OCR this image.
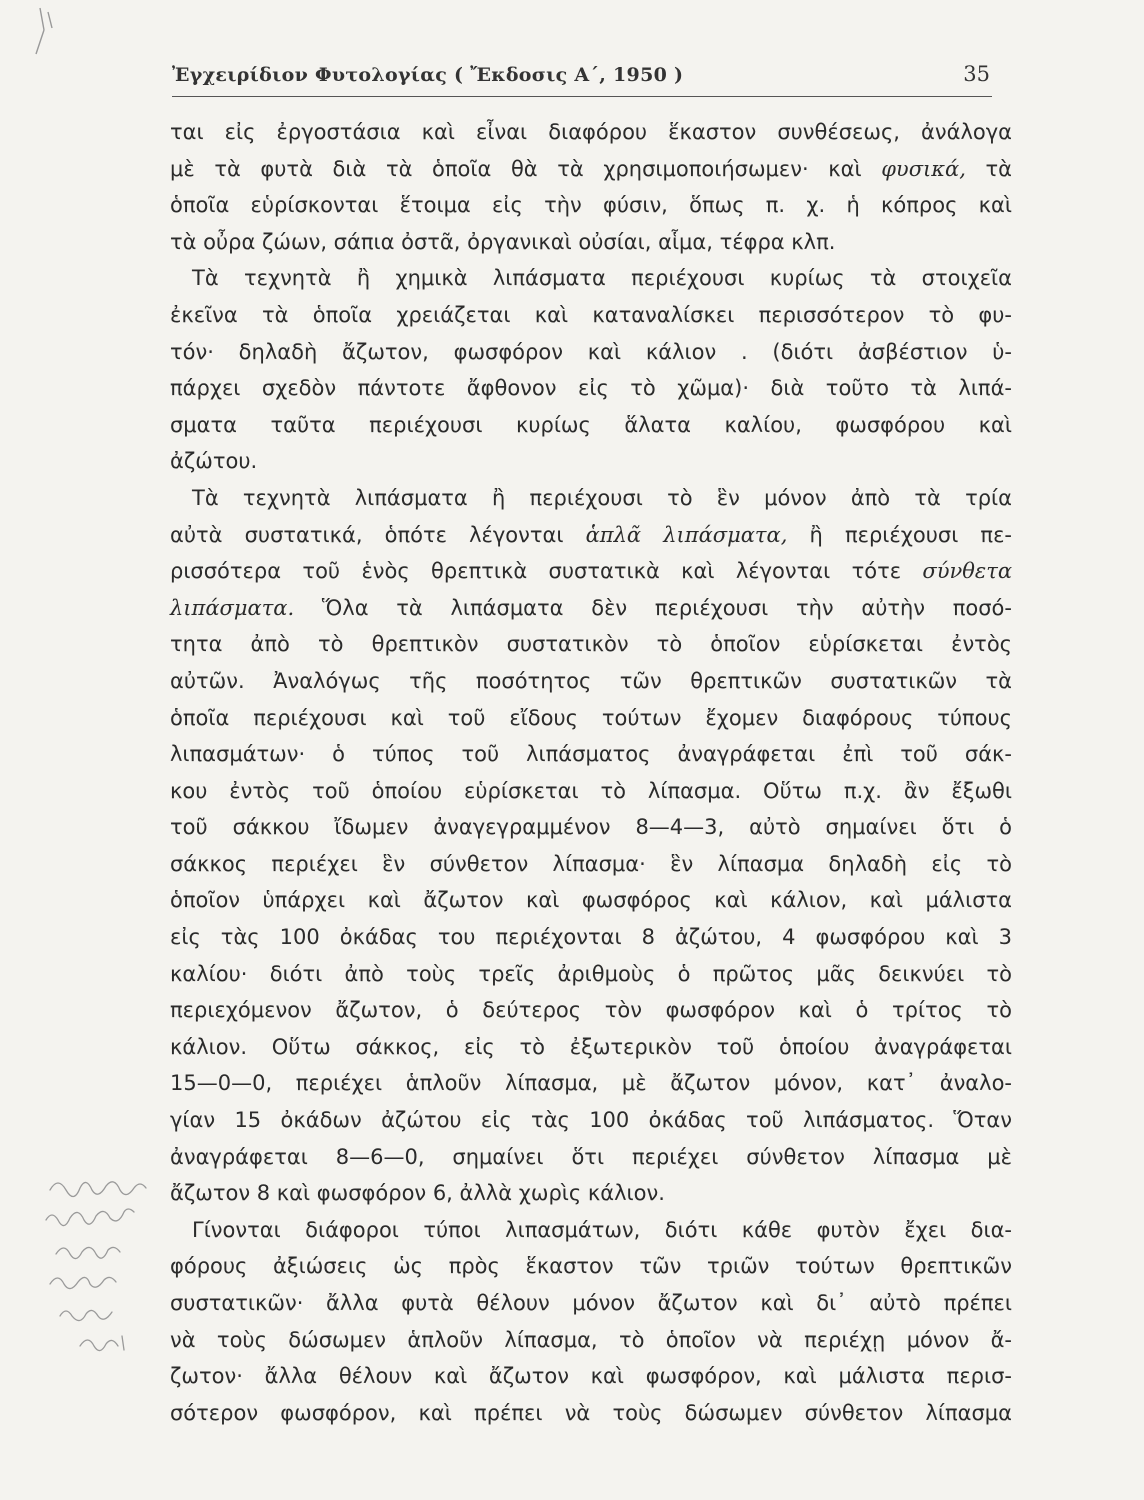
Ἐγχειρίδιον Φυτολογίας ( Ἔκδοσις Α΄, 1950 )	35
ται εἰς ἐργοστάσια καὶ εἶναι διαφόρου ἕκαστον συνθέσεως, ἀνάλογα
μὲ τὰ φυτὰ διὰ τὰ ὁποῖα θὰ τὰ χρησιμοποιήσωμεν· καὶ φυσικά, τὰ
ὁποῖα εὑρίσκονται ἕτοιμα εἰς τὴν φύσιν, ὅπως π. χ. ἡ κόπρος καὶ
τὰ οὖρα ζώων, σάπια ὀστᾶ, ὀργανικαὶ οὐσίαι, αἷμα, τέφρα κλπ.
Τὰ τεχνητὰ ἢ χημικὰ λιπάσματα περιέχουσι κυρίως τὰ στοιχεῖα
ἐκεῖνα τὰ ὁποῖα χρειάζεται καὶ καταναλίσκει περισσότερον τὸ φυ-
τόν· δηλαδὴ ἄζωτον, φωσφόρον καὶ κάλιον . (διότι ἀσβέστιον ὑ-
πάρχει σχεδὸν πάντοτε ἄφθονον εἰς τὸ χῶμα)· διὰ τοῦτο τὰ λιπά-
σματα ταῦτα περιέχουσι κυρίως ἅλατα καλίου, φωσφόρου καὶ
ἀζώτου.
Τὰ τεχνητὰ λιπάσματα ἢ περιέχουσι τὸ ἓν μόνον ἀπὸ τὰ τρία
αὐτὰ συστατικά, ὁπότε λέγονται ἁπλᾶ λιπάσματα, ἢ περιέχουσι πε-
ρισσότερα τοῦ ἑνὸς θρεπτικὰ συστατικὰ καὶ λέγονται τότε σύνθετα
λιπάσματα. Ὅλα τὰ λιπάσματα δὲν περιέχουσι τὴν αὐτὴν ποσό-
τητα ἀπὸ τὸ θρεπτικὸν συστατικὸν τὸ ὁποῖον εὑρίσκεται ἐντὸς
αὐτῶν. Ἀναλόγως τῆς ποσότητος τῶν θρεπτικῶν συστατικῶν τὰ
ὁποῖα περιέχουσι καὶ τοῦ εἴδους τούτων ἔχομεν διαφόρους τύπους
λιπασμάτων· ὁ τύπος τοῦ λιπάσματος ἀναγράφεται ἐπὶ τοῦ σάκ-
κου ἐντὸς τοῦ ὁποίου εὑρίσκεται τὸ λίπασμα. Οὕτω π.χ. ἂν ἔξωθι
τοῦ σάκκου ἴδωμεν ἀναγεγραμμένον 8—4—3, αὐτὸ σημαίνει ὅτι ὁ
σάκκος περιέχει ἓν σύνθετον λίπασμα· ἓν λίπασμα δηλαδὴ εἰς τὸ
ὁποῖον ὑπάρχει καὶ ἄζωτον καὶ φωσφόρος καὶ κάλιον, καὶ μάλιστα
εἰς τὰς 100 ὀκάδας του περιέχονται 8 ἀζώτου, 4 φωσφόρου καὶ 3
καλίου· διότι ἀπὸ τοὺς τρεῖς ἀριθμοὺς ὁ πρῶτος μᾶς δεικνύει τὸ
περιεχόμενον ἄζωτον, ὁ δεύτερος τὸν φωσφόρον καὶ ὁ τρίτος τὸ
κάλιον. Οὕτω σάκκος, εἰς τὸ ἐξωτερικὸν τοῦ ὁποίου ἀναγράφεται
15—0—0, περιέχει ἁπλοῦν λίπασμα, μὲ ἄζωτον μόνον, κατ᾿ ἀναλο-
γίαν 15 ὀκάδων ἀζώτου εἰς τὰς 100 ὀκάδας τοῦ λιπάσματος. Ὅταν
ἀναγράφεται 8—6—0, σημαίνει ὅτι περιέχει σύνθετον λίπασμα μὲ
ἄζωτον 8 καὶ φωσφόρον 6, ἀλλὰ χωρὶς κάλιον.
Γίνονται διάφοροι τύποι λιπασμάτων, διότι κάθε φυτὸν ἔχει δια-
φόρους ἀξιώσεις ὡς πρὸς ἕκαστον τῶν τριῶν τούτων θρεπτικῶν
συστατικῶν· ἄλλα φυτὰ θέλουν μόνον ἄζωτον καὶ δι᾿ αὐτὸ πρέπει
νὰ τοὺς δώσωμεν ἁπλοῦν λίπασμα, τὸ ὁποῖον νὰ περιέχῃ μόνον ἄ-
ζωτον· ἄλλα θέλουν καὶ ἄζωτον καὶ φωσφόρον, καὶ μάλιστα περισ-
σότερον φωσφόρον, καὶ πρέπει νὰ τοὺς δώσωμεν σύνθετον λίπασμα
